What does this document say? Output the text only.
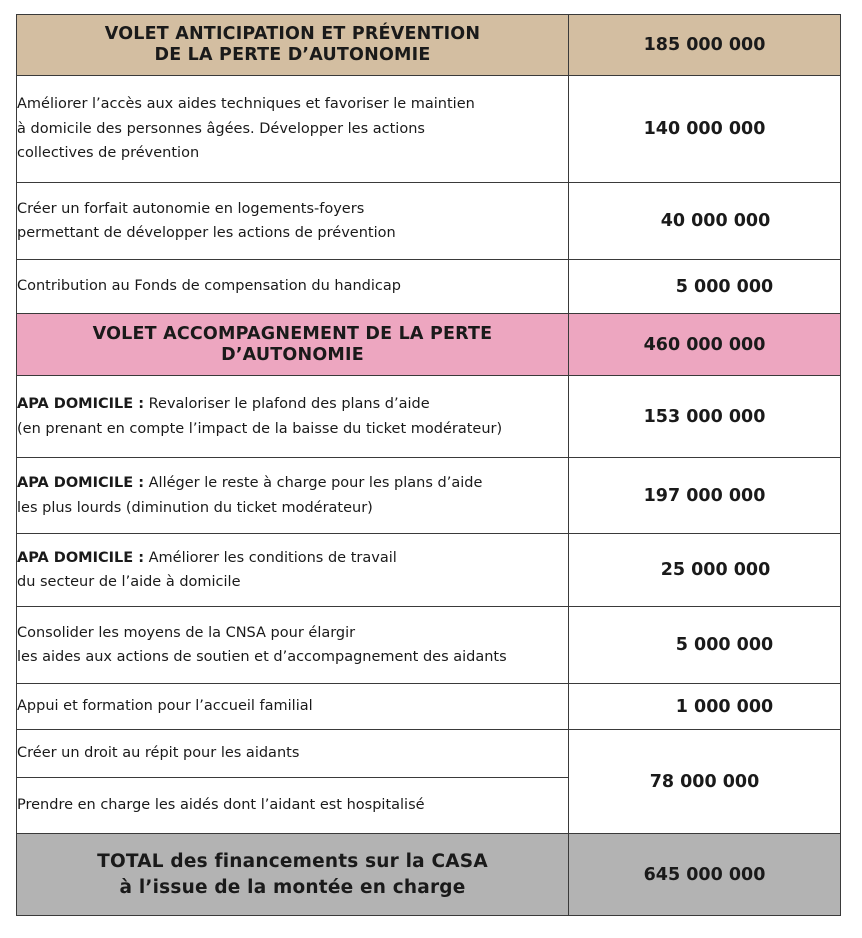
VOLET ANTICIPATION ET PRÉVENTION
DE LA PERTE D’AUTONOMIE	185 000 000

Améliorer l’accès aux aides techniques et favoriser le maintien
à domicile des personnes âgées. Développer les actions
collectives de prévention	140 000 000

Créer un forfait autonomie en logements-foyers
permettant de développer les actions de prévention	40 000 000

Contribution au Fonds de compensation du handicap	5 000 000

VOLET ACCOMPAGNEMENT DE LA PERTE
D’AUTONOMIE	460 000 000

APA DOMICILE : Revaloriser le plafond des plans d’aide
(en prenant en compte l’impact de la baisse du ticket modérateur)	153 000 000

APA DOMICILE : Alléger le reste à charge pour les plans d’aide
les plus lourds (diminution du ticket modérateur)	197 000 000

APA DOMICILE : Améliorer les conditions de travail
du secteur de l’aide à domicile	25 000 000

Consolider les moyens de la CNSA pour élargir
les aides aux actions de soutien et d’accompagnement des aidants	5 000 000

Appui et formation pour l’accueil familial	1 000 000

Créer un droit au répit pour les aidants	78 000 000

Prendre en charge les aidés dont l’aidant est hospitalisé	

TOTAL des financements sur la CASA
à l’issue de la montée en charge	645 000 000
